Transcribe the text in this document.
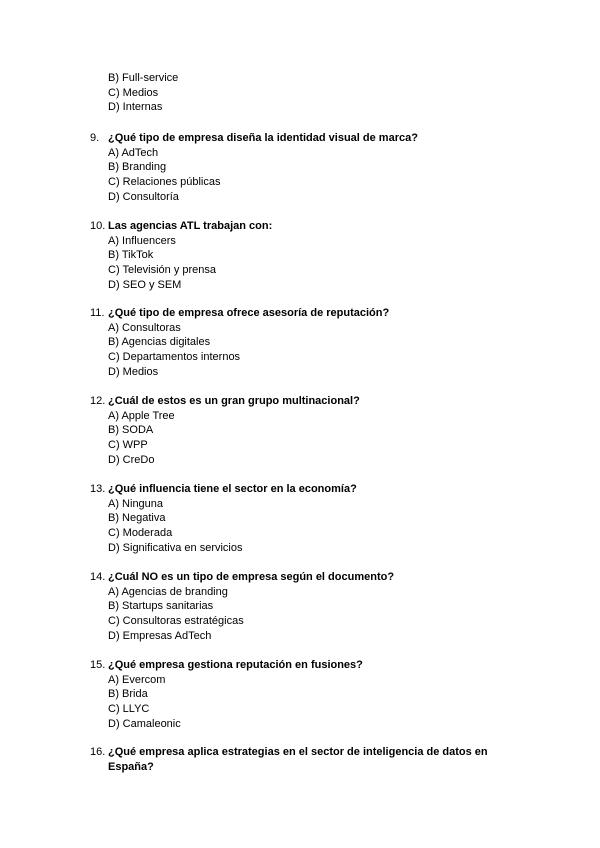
B) Full-service
C) Medios
D) Internas
9. ¿Qué tipo de empresa diseña la identidad visual de marca?
A) AdTech
B) Branding
C) Relaciones públicas
D) Consultoría
10. Las agencias ATL trabajan con:
A) Influencers
B) TikTok
C) Televisión y prensa
D) SEO y SEM
11. ¿Qué tipo de empresa ofrece asesoría de reputación?
A) Consultoras
B) Agencias digitales
C) Departamentos internos
D) Medios
12. ¿Cuál de estos es un gran grupo multinacional?
A) Apple Tree
B) SODA
C) WPP
D) CreDo
13. ¿Qué influencia tiene el sector en la economía?
A) Ninguna
B) Negativa
C) Moderada
D) Significativa en servicios
14. ¿Cuál NO es un tipo de empresa según el documento?
A) Agencias de branding
B) Startups sanitarias
C) Consultoras estratégicas
D) Empresas AdTech
15. ¿Qué empresa gestiona reputación en fusiones?
A) Evercom
B) Brida
C) LLYC
D) Camaleonic
16. ¿Qué empresa aplica estrategias en el sector de inteligencia de datos en España?
